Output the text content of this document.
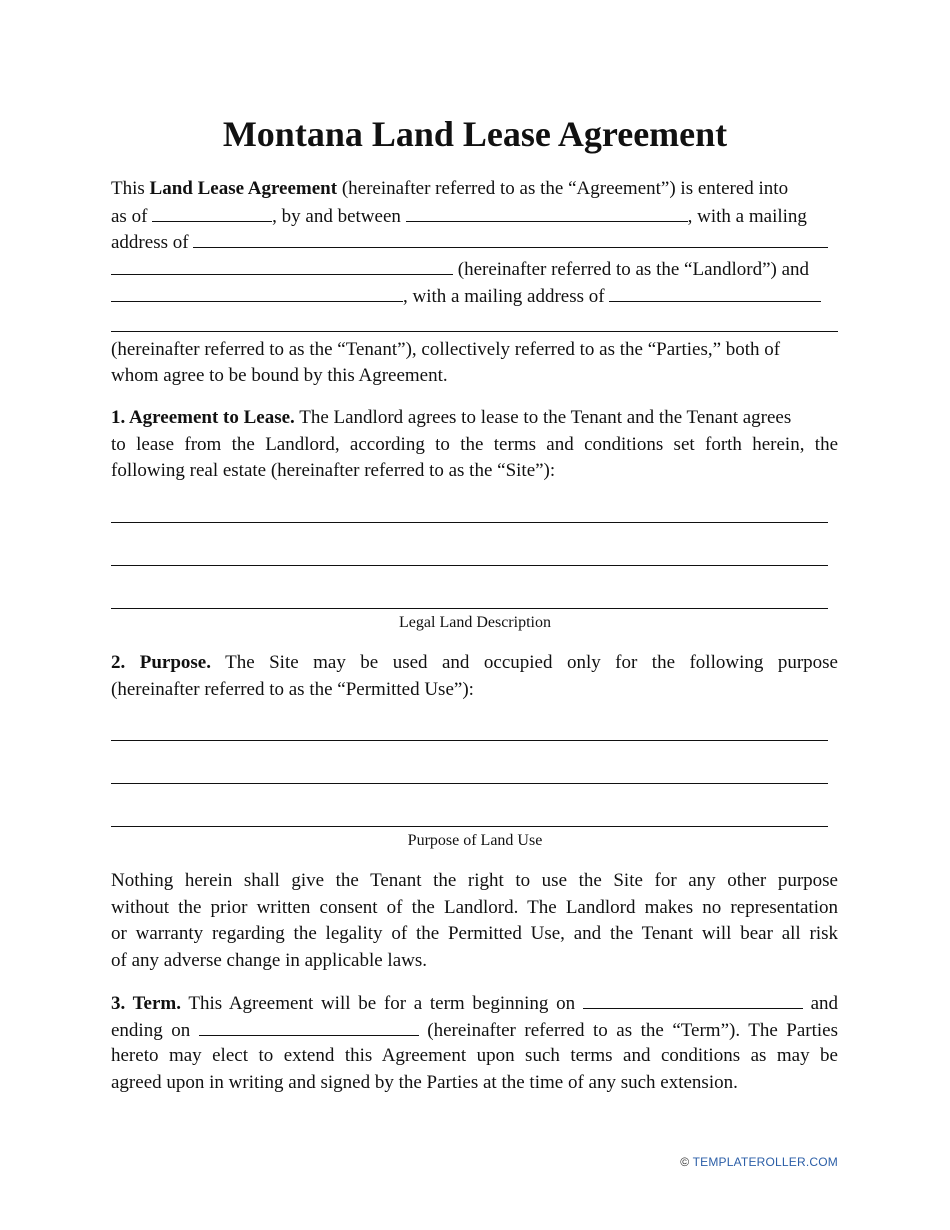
Montana Land Lease Agreement
This Land Lease Agreement (hereinafter referred to as the “Agreement”) is entered into
as of	, by and between	, with a mailing
address of
(hereinafter referred to as the “Landlord”) and
, with a mailing address of
(hereinafter referred to as the “Tenant”), collectively referred to as the “Parties,” both of
whom agree to be bound by this Agreement.
1. Agreement to Lease. The Landlord agrees to lease to the Tenant and the Tenant agrees
to lease from the Landlord, according to the terms and conditions set forth herein, the
following real estate (hereinafter referred to as the “Site”):
Legal Land Description
2. Purpose. The Site may be used and occupied only for the following purpose
(hereinafter referred to as the “Permitted Use”):
Purpose of Land Use
Nothing herein shall give the Tenant the right to use the Site for any other purpose
without the prior written consent of the Landlord. The Landlord makes no representation
or warranty regarding the legality of the Permitted Use, and the Tenant will bear all risk
of any adverse change in applicable laws.
3. Term. This Agreement will be for a term beginning on	and
ending on	(hereinafter referred to as the “Term”). The Parties
hereto may elect to extend this Agreement upon such terms and conditions as may be
agreed upon in writing and signed by the Parties at the time of any such extension.
© TEMPLATEROLLER.COM
